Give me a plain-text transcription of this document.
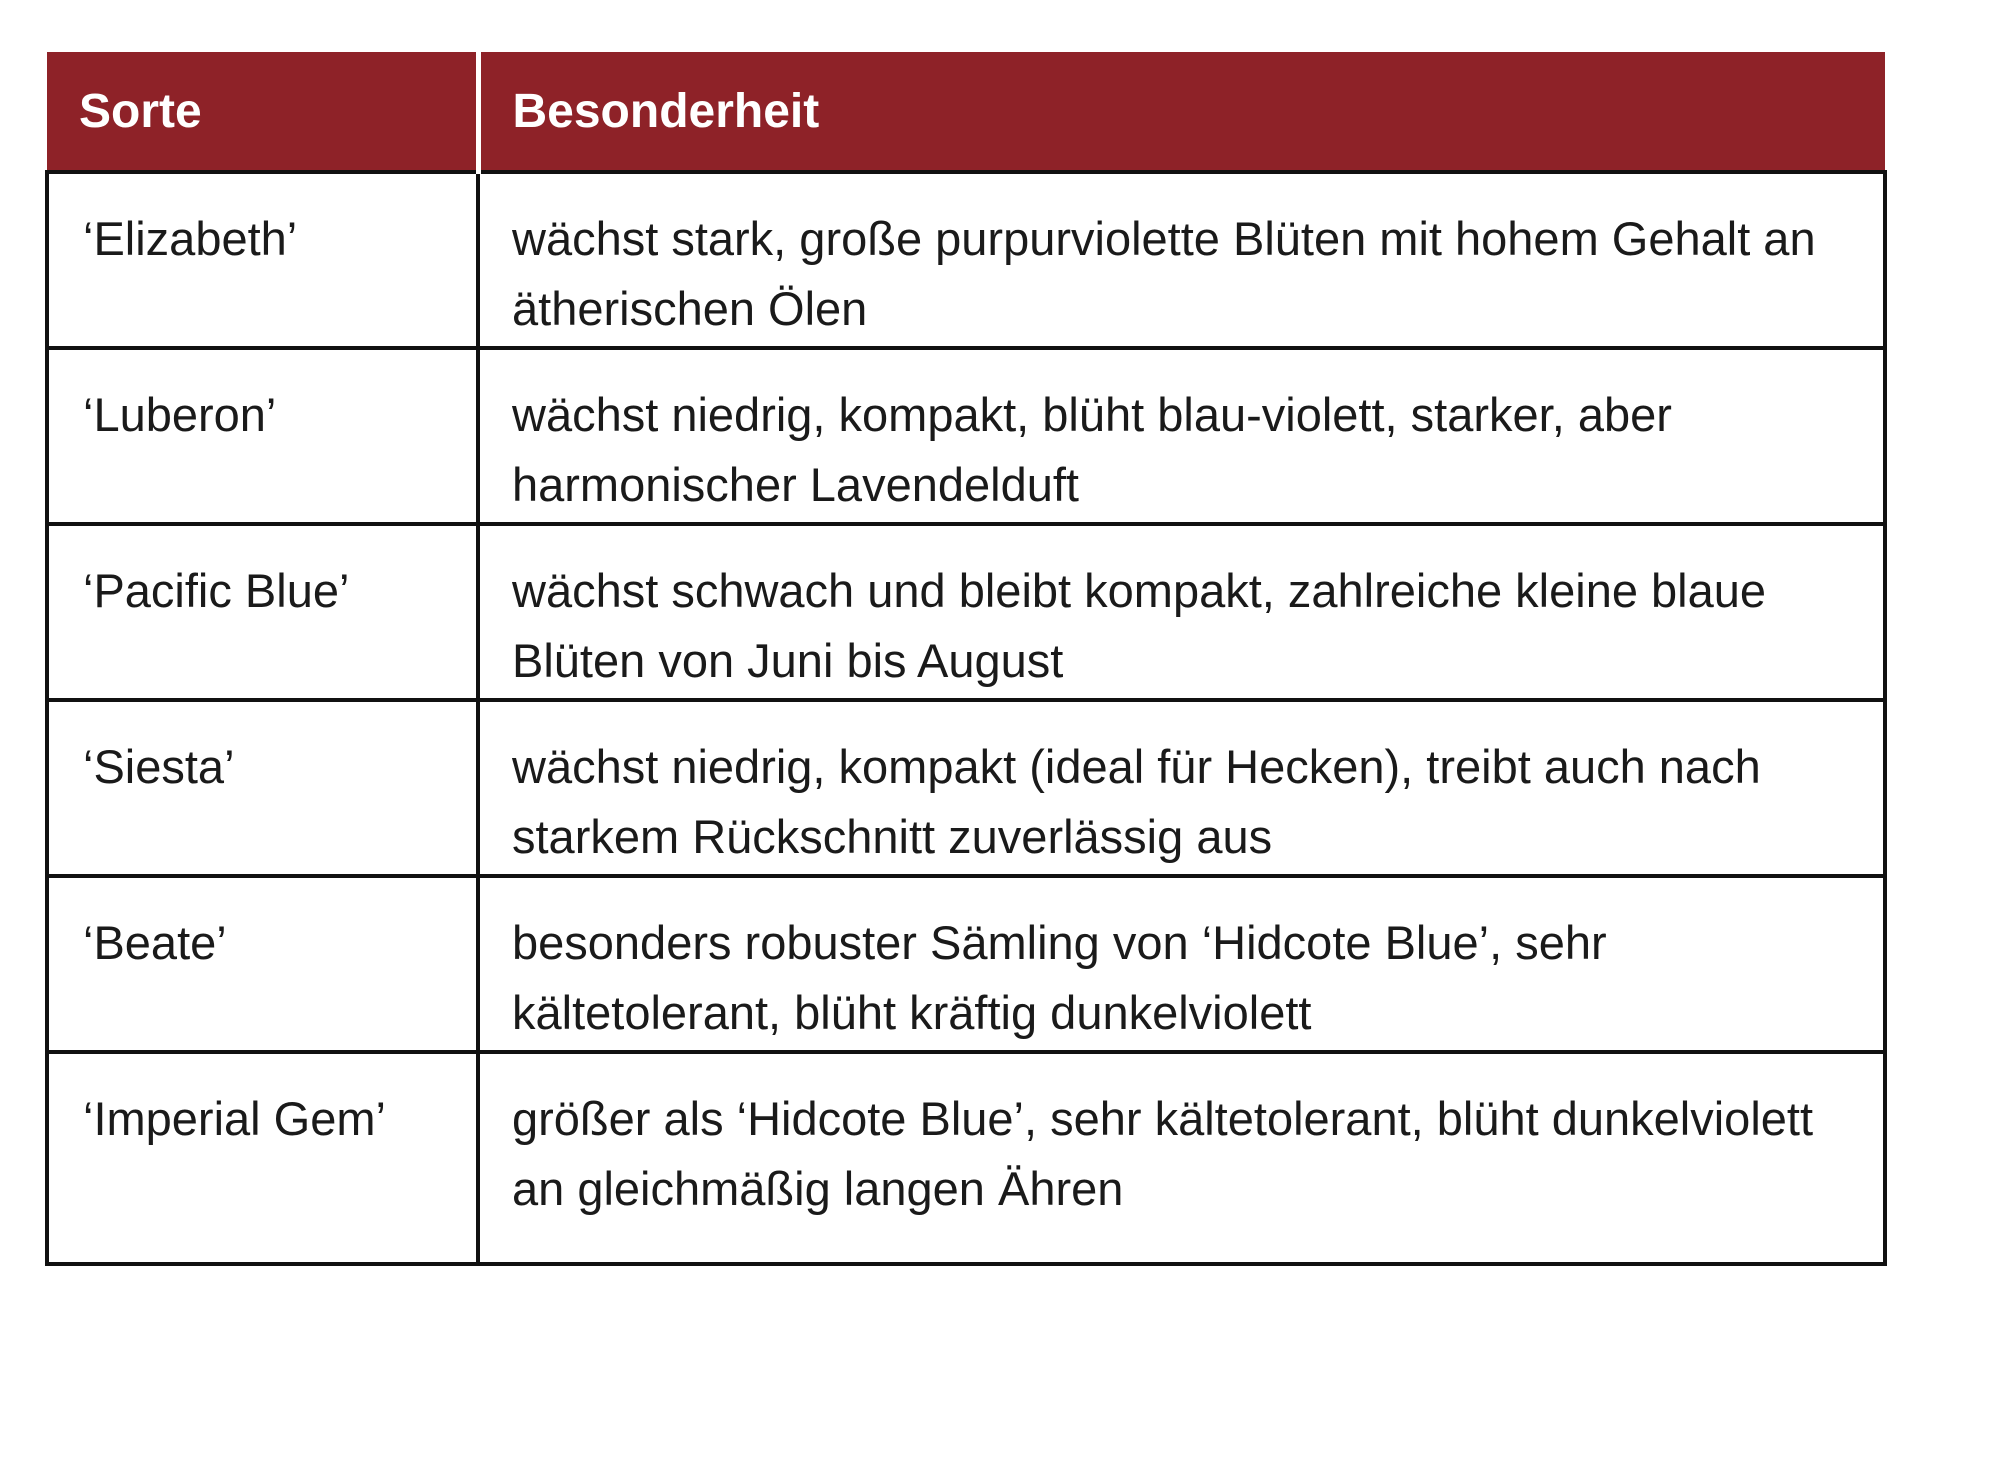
Sorte	Besonderheit
‘Elizabeth’	wächst stark, große purpurviolette Blüten mit hohem Gehalt an ätherischen Ölen
‘Luberon’	wächst niedrig, kompakt, blüht blau-violett, starker, aber harmonischer Lavendelduft
‘Pacific Blue’	wächst schwach und bleibt kompakt, zahlreiche kleine blaue Blüten von Juni bis August
‘Siesta’	wächst niedrig, kompakt (ideal für Hecken), treibt auch nach starkem Rückschnitt zuverlässig aus
‘Beate’	besonders robuster Sämling von ‘Hidcote Blue’, sehr kältetolerant, blüht kräftig dunkelviolett
‘Imperial Gem’	größer als ‘Hidcote Blue’, sehr kältetolerant, blüht dunkelviolett an gleichmäßig langen Ähren
